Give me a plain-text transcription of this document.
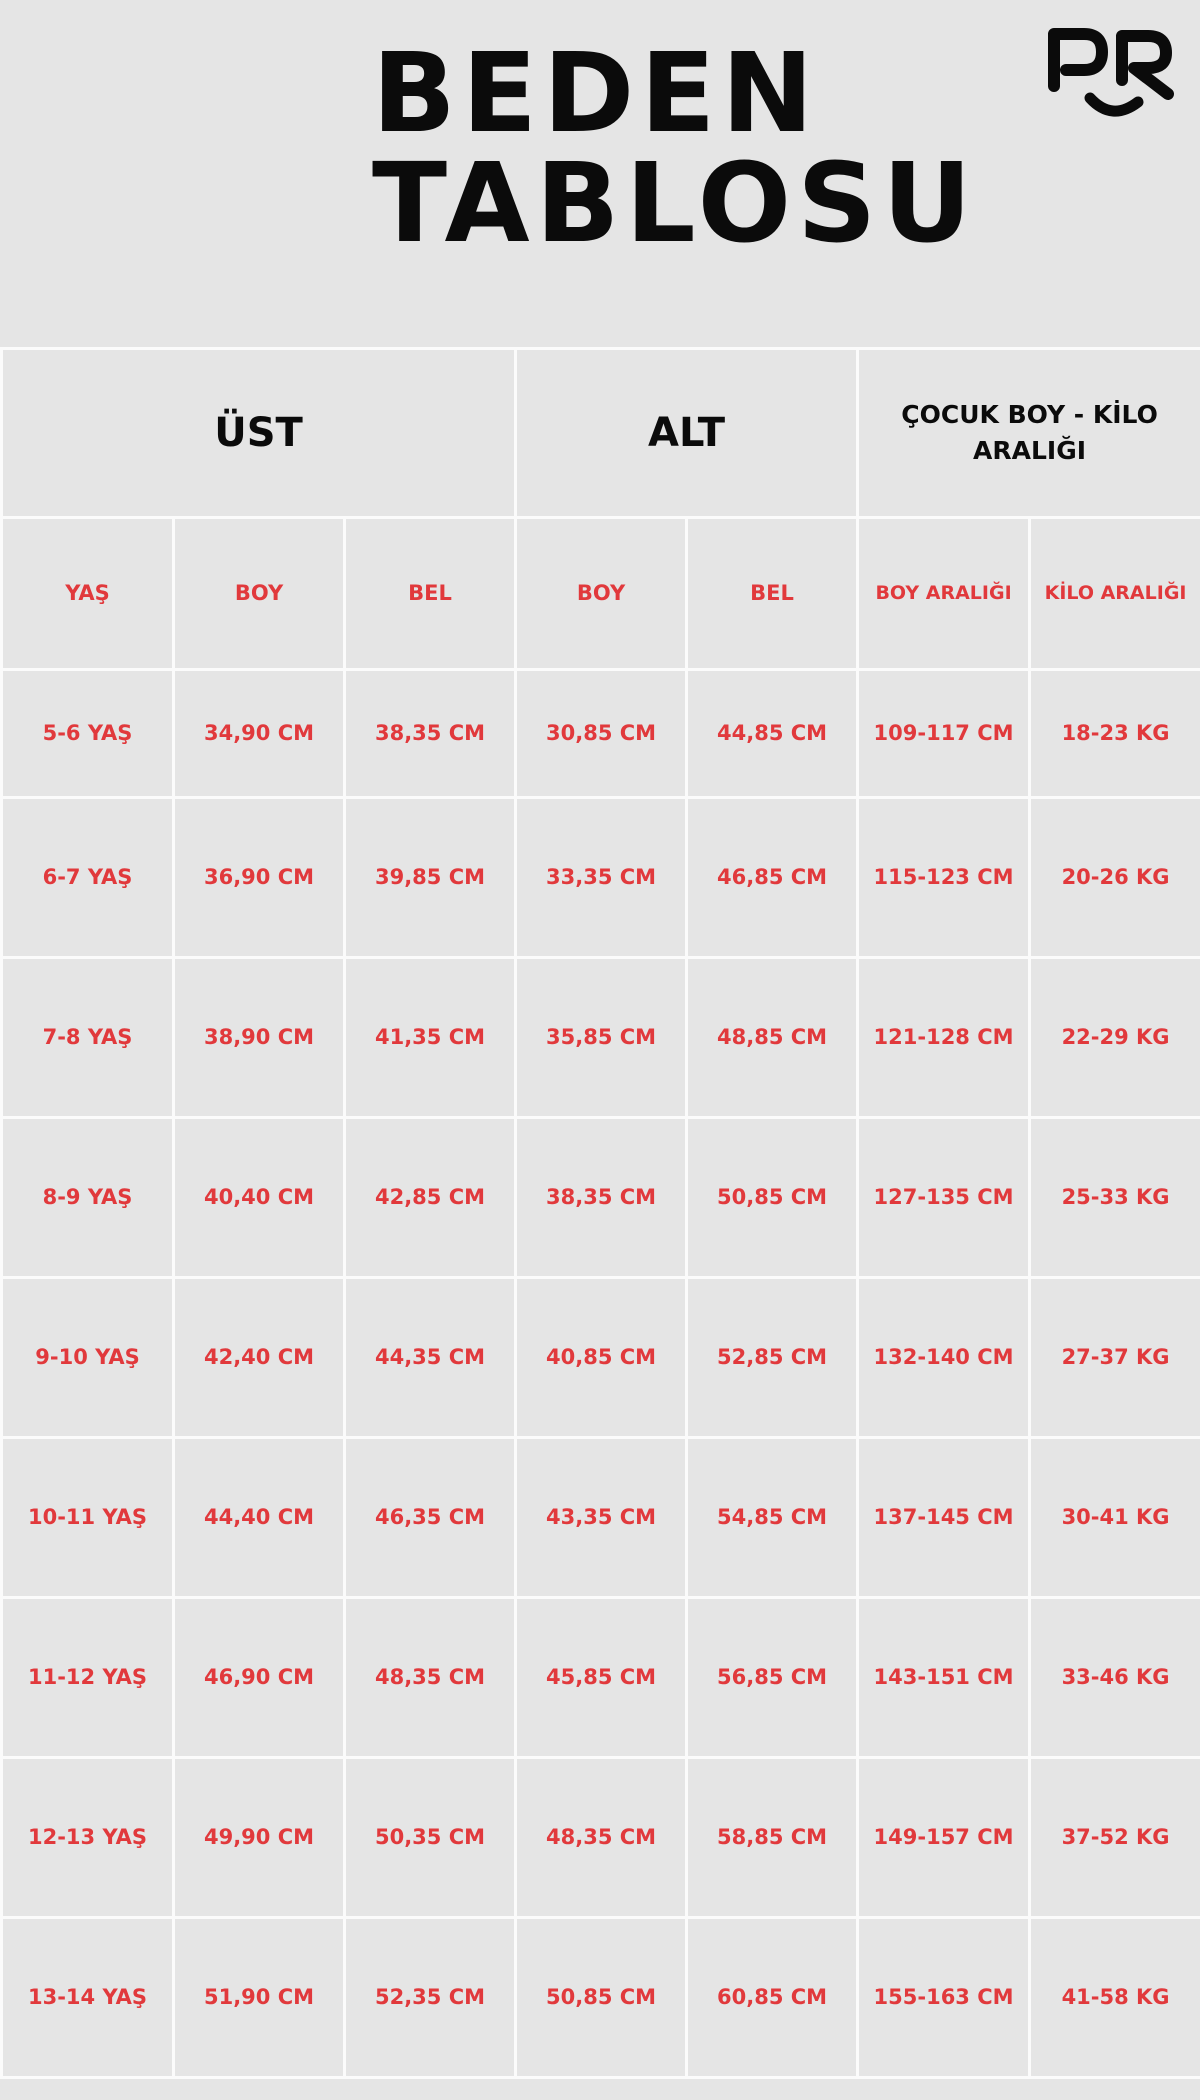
BEDEN
TABLOSU
ÜST			ALT		ÇOCUK BOY - KİLO ARALIĞI	
YAŞ	BOY	BEL	BOY	BEL	BOY ARALIĞI	KİLO ARALIĞI
5-6 YAŞ	34,90 CM	38,35 CM	30,85 CM	44,85 CM	109-117 CM	18-23 KG
6-7 YAŞ	36,90 CM	39,85 CM	33,35 CM	46,85 CM	115-123 CM	20-26 KG
7-8 YAŞ	38,90 CM	41,35 CM	35,85 CM	48,85 CM	121-128 CM	22-29 KG
8-9 YAŞ	40,40 CM	42,85 CM	38,35 CM	50,85 CM	127-135 CM	25-33 KG
9-10 YAŞ	42,40 CM	44,35 CM	40,85 CM	52,85 CM	132-140 CM	27-37 KG
10-11 YAŞ	44,40 CM	46,35 CM	43,35 CM	54,85 CM	137-145 CM	30-41 KG
11-12 YAŞ	46,90 CM	48,35 CM	45,85 CM	56,85 CM	143-151 CM	33-46 KG
12-13 YAŞ	49,90 CM	50,35 CM	48,35 CM	58,85 CM	149-157 CM	37-52 KG
13-14 YAŞ	51,90 CM	52,35 CM	50,85 CM	60,85 CM	155-163 CM	41-58 KG
